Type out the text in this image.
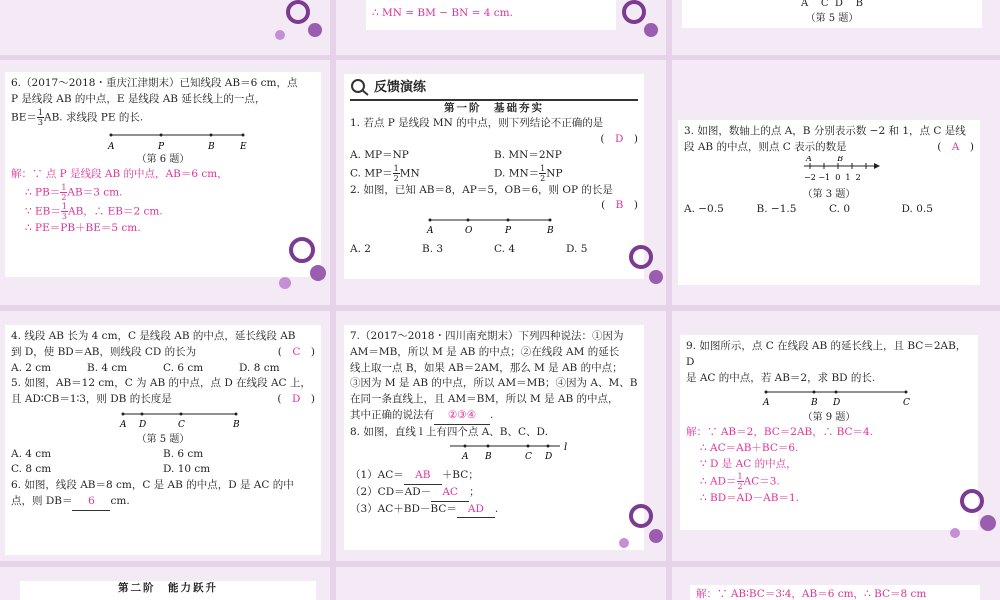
∴ MN = BM − BN = 4 cm.

A    C  D    B

（第 5 题）

6.（2017～2018・重庆江津期末）已知线段 AB＝6 cm，点

P 是线段 AB 的中点，E 是线段 AB 延长线上的一点，

$BE= \frac{1}{3}AB$. 求线段 PE 的长.

A	P	B	E

（第 6 题）

解：∵ 点 P 是线段 AB 的中点，AB＝6 cm，

∴ $PB= \frac{1}{2}AB=3$ cm.

∵ $EB= \frac{1}{3}AB$，∴ EB＝2 cm.

∴ PE＝PB＋BE＝5 cm.

反馈演练

第一阶　基础夯实

1. 若点 P 是线段 MN 的中点，则下列结论不正确的是

(　D　)

A. MP＝NP	B. MN＝2NP
C. $MP= \frac{1}{2}MN$	D. $MN= \frac{1}{2}NP$

2. 如图，已知 AB＝8，AP＝5，OB＝6，则 OP 的长是

(　B　)

A	O	P	B
A. 2	B. 3	C. 4	D. 5

3. 如图，数轴上的点 A，B 分别表示数 −2 和 1，点 C 是线

段 AB 的中点，则点 C 表示的数是	(　A　)

A          B
−2 −1  0  1  2

（第 3 题）

A. −0.5	B. −1.5	C. 0	D. 0.5

4. 线段 AB 长为 4 cm，C 是线段 AB 的中点，延长线段 AB

到 D，使 BD＝AB，则线段 CD 的长为	(　C　)

A. 2 cm	B. 4 cm	C. 6 cm	D. 8 cm

5. 如图，AB＝12 cm，C 为 AB 的中点，点 D 在线段 AC 上，

且 AD∶CB＝1∶3，则 DB 的长度是	(　D　)

A D	C	B

（第 5 题）

A. 4 cm	B. 6 cm
C. 8 cm	D. 10 cm

6. 如图，线段 AB＝8 cm，C 是 AB 的中点，D 是 AC 的中

点，则 DB＝ 6 cm.

7.（2017～2018・四川南充期末）下列四种说法：①因为

AM＝MB，所以 M 是 AB 的中点；②在线段 AM 的延长

线上取一点 B，如果 AB＝2AM，那么 M 是 AB 的中点；

③因为 M 是 AB 的中点，所以 AM＝MB；④因为 A、M、B

在同一条直线上，且 AM＝BM，所以 M 是 AB 的中点，

其中正确的说法有 ②③④ .

8. 如图，直线 l 上有四个点 A、B、C、D.

A B	C D
l

（1）AC＝ AB ＋BC；

（2）CD＝AD－ AC ；

（3）AC＋BD－BC＝ AD .

9. 如图所示，点 C 在线段 AB 的延长线上，且 BC＝2AB，D

是 AC 的中点，若 AB＝2，求 BD 的长.

A	B D	C

（第 9 题）

解：∵ AB＝2，BC＝2AB，∴ BC＝4.

∴ AC＝AB＋BC＝6.

∵ D 是 AC 的中点，

∴ $AD= \frac{1}{2}AC=3$.

∴ BD＝AD－AB＝1.

第二阶　能力跃升	解：∵ AB∶BC＝3∶4，AB＝6 cm，∴ BC＝8 cm
